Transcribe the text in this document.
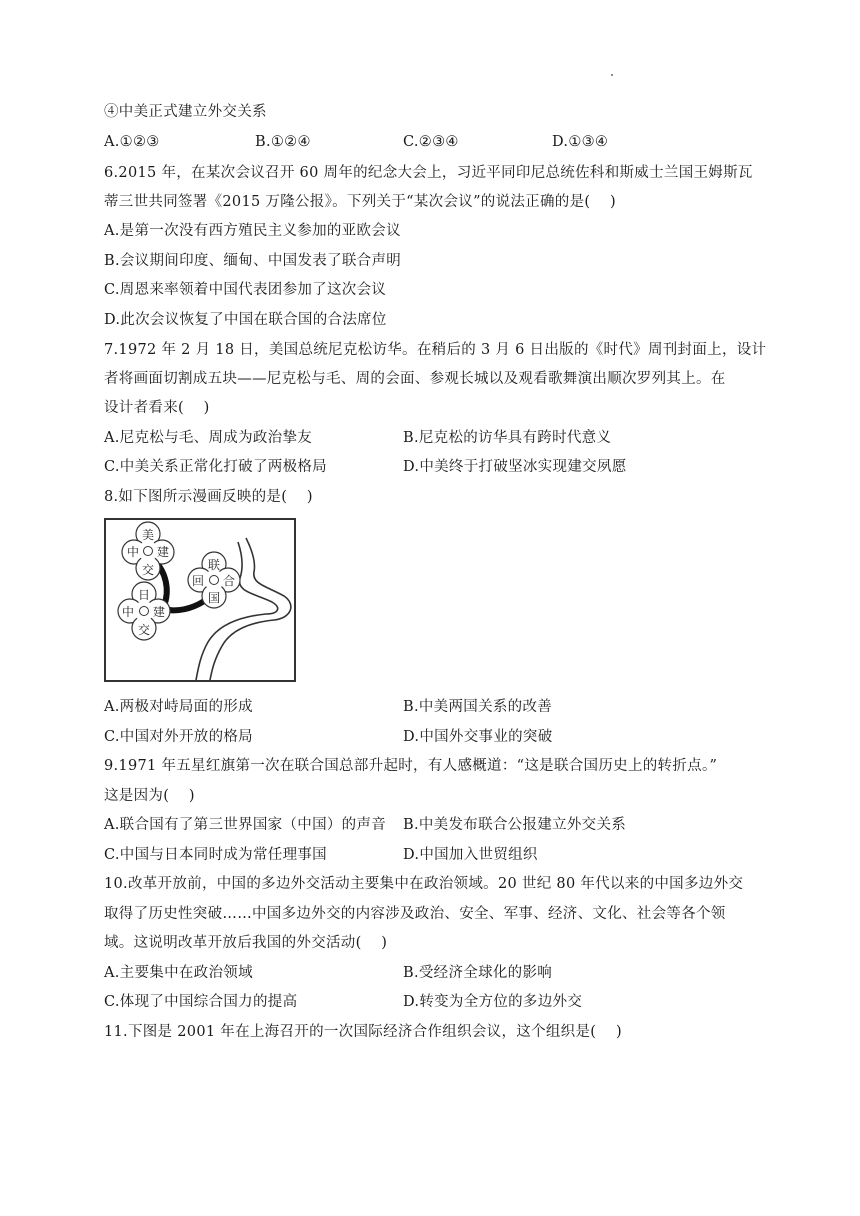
④中美正式建立外交关系
A.①②③	B.①②④	C.②③④	D.①③④
6.2015 年，在某次会议召开 60 周年的纪念大会上，习近平同印尼总统佐科和斯威士兰国王姆斯瓦
蒂三世共同签署《2015 万隆公报》。下列关于“某次会议”的说法正确的是(　 )
A.是第一次没有西方殖民主义参加的亚欧会议
B.会议期间印度、缅甸、中国发表了联合声明
C.周恩来率领着中国代表团参加了这次会议
D.此次会议恢复了中国在联合国的合法席位
7.1972 年 2 月 18 日，美国总统尼克松访华。在稍后的 3 月 6 日出版的《时代》周刊封面上，设计
者将画面切割成五块——尼克松与毛、周的会面、参观长城以及观看歌舞演出顺次罗列其上。在
设计者看来(　 )
A.尼克松与毛、周成为政治挚友	B.尼克松的访华具有跨时代意义
C.中美关系正常化打破了两极格局	D.中美终于打破坚冰实现建交夙愿
8.如下图所示漫画反映的是(　 )
美
中 建
交
日
中 建
交
联
回 合
国
A.两极对峙局面的形成	B.中美两国关系的改善
C.中国对外开放的格局	D.中国外交事业的突破
9.1971 年五星红旗第一次在联合国总部升起时，有人感概道：“这是联合国历史上的转折点。”
这是因为(　 )
A.联合国有了第三世界国家（中国）的声音 B.中美发布联合公报建立外交关系
C.中国与日本同时成为常任理事国	D.中国加入世贸组织
10.改革开放前，中国的多边外交活动主要集中在政治领域。20 世纪 80 年代以来的中国多边外交
取得了历史性突破……中国多边外交的内容涉及政治、安全、军事、经济、文化、社会等各个领
域。这说明改革开放后我国的外交活动(　 )
A.主要集中在政治领域	B.受经济全球化的影响
C.体现了中国综合国力的提高	D.转变为全方位的多边外交
11.下图是 2001 年在上海召开的一次国际经济合作组织会议，这个组织是(　 )
